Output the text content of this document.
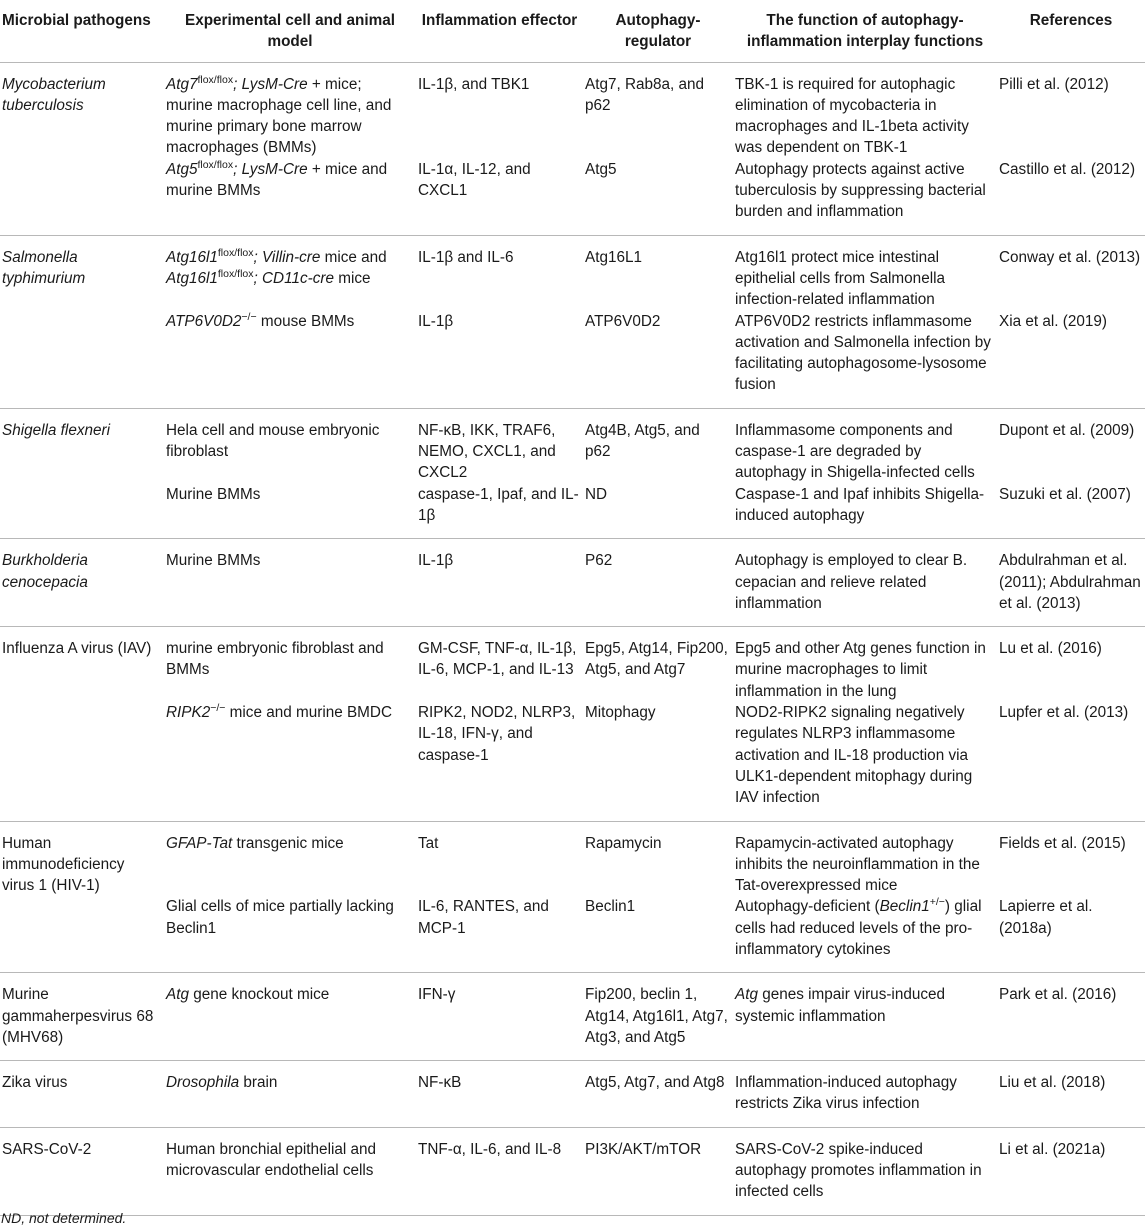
Microbial pathogens	Experimental cell and animal model	Inflammation effector	Autophagy-regulator	The function of autophagy-inflammation interplay functions	References
Mycobacterium tuberculosis	$Atg7^{flox/flox}$; LysM-Cre + mice; murine macrophage cell line, and murine primary bone marrow macrophages (BMMs)	IL-1β, and TBK1	Atg7, Rab8a, and p62	TBK-1 is required for autophagic elimination of mycobacteria in macrophages and IL-1beta activity was dependent on TBK-1	Pilli et al. (2012)
	$Atg5^{flox/flox}$; LysM-Cre + mice and murine BMMs	IL-1α, IL-12, and CXCL1	Atg5	Autophagy protects against active tuberculosis by suppressing bacterial burden and inflammation	Castillo et al. (2012)
Salmonella typhimurium	$Atg16l1^{flox/flox}$; Villin-cre mice and $Atg16l1^{flox/flox}$; CD11c-cre mice	IL-1β and IL-6	Atg16L1	Atg16l1 protect mice intestinal epithelial cells from Salmonella infection-related inflammation	Conway et al. (2013)
	ATP6V0D2−/− mouse BMMs	IL-1β	ATP6V0D2	ATP6V0D2 restricts inflammasome activation and Salmonella infection by facilitating autophagosome-lysosome fusion	Xia et al. (2019)
Shigella flexneri	Hela cell and mouse embryonic fibroblast	NF-κB, IKK, TRAF6, NEMO, CXCL1, and CXCL2	Atg4B, Atg5, and p62	Inflammasome components and caspase-1 are degraded by autophagy in Shigella-infected cells	Dupont et al. (2009)
	Murine BMMs	caspase-1, Ipaf, and IL-1β	ND	Caspase-1 and Ipaf inhibits Shigella-induced autophagy	Suzuki et al. (2007)
Burkholderia cenocepacia	Murine BMMs	IL-1β	P62	Autophagy is employed to clear B. cepacian and relieve related inflammation	Abdulrahman et al. (2011); Abdulrahman et al. (2013)
Influenza A virus (IAV)	murine embryonic fibroblast and BMMs	GM-CSF, TNF-α, IL-1β, IL-6, MCP-1, and IL-13	Epg5, Atg14, Fip200, Atg5, and Atg7	Epg5 and other Atg genes function in murine macrophages to limit inflammation in the lung	Lu et al. (2016)
	RIPK2−/− mice and murine BMDC	RIPK2, NOD2, NLRP3, IL-18, IFN-γ, and caspase-1	Mitophagy	NOD2-RIPK2 signaling negatively regulates NLRP3 inflammasome activation and IL-18 production via ULK1-dependent mitophagy during IAV infection	Lupfer et al. (2013)
Human immunodeficiency virus 1 (HIV-1)	GFAP-Tat transgenic mice	Tat	Rapamycin	Rapamycin-activated autophagy inhibits the neuroinflammation in the Tat-overexpressed mice	Fields et al. (2015)
	Glial cells of mice partially lacking Beclin1	IL-6, RANTES, and MCP-1	Beclin1	Autophagy-deficient (Beclin1+/−) glial cells had reduced levels of the pro-inflammatory cytokines	Lapierre et al. (2018a)
Murine gammaherpesvirus 68 (MHV68)	Atg gene knockout mice	IFN-γ	Fip200, beclin 1, Atg14, Atg16l1, Atg7, Atg3, and Atg5	Atg genes impair virus-induced systemic inflammation	Park et al. (2016)
Zika virus	Drosophila brain	NF-κB	Atg5, Atg7, and Atg8	Inflammation-induced autophagy restricts Zika virus infection	Liu et al. (2018)
SARS-CoV-2	Human bronchial epithelial and microvascular endothelial cells	TNF-α, IL-6, and IL-8	PI3K/AKT/mTOR	SARS-CoV-2 spike-induced autophagy promotes inflammation in infected cells	Li et al. (2021a)
ND, not determined.
